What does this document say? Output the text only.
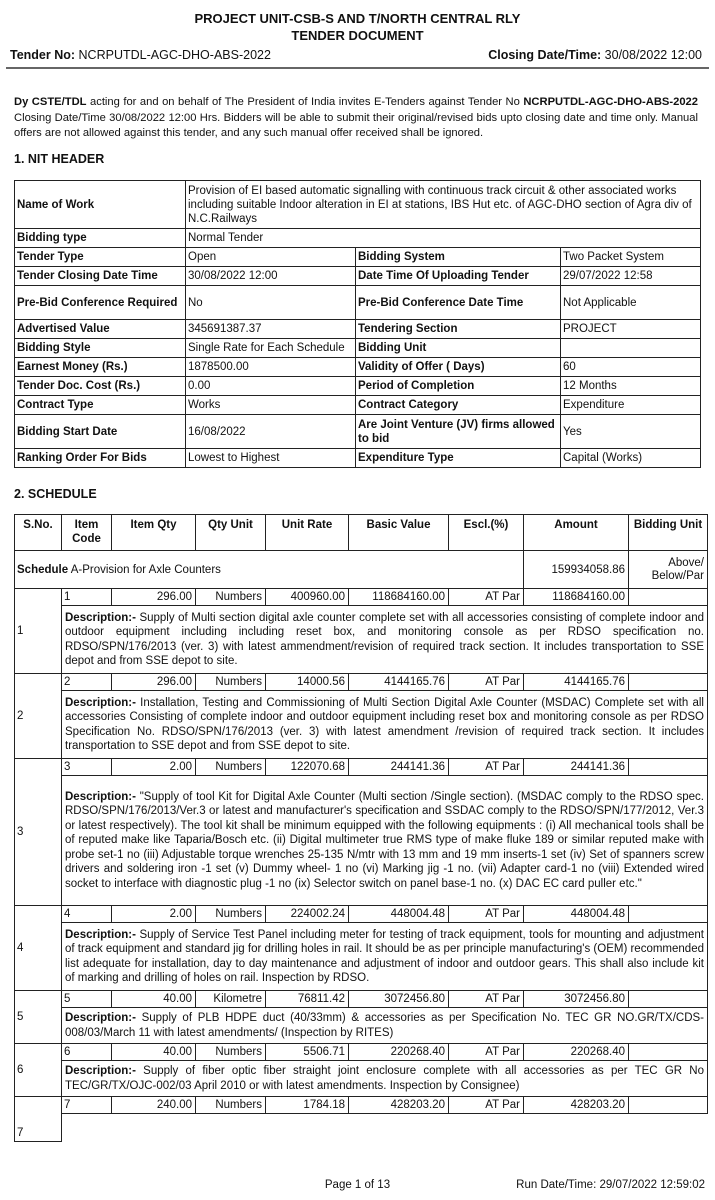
PROJECT UNIT-CSB-S AND T/NORTH CENTRAL RLY
TENDER DOCUMENT
Tender No: NCRPUTDL-AGC-DHO-ABS-2022	Closing Date/Time: 30/08/2022 12:00
Dy CSTE/TDL acting for and on behalf of The President of India invites E-Tenders against Tender No NCRPUTDL-AGC-DHO-ABS-2022 Closing Date/Time 30/08/2022 12:00 Hrs. Bidders will be able to submit their original/revised bids upto closing date and time only. Manual offers are not allowed against this tender, and any such manual offer received shall be ignored.
1. NIT HEADER
Name of Work	Provision of EI based automatic signalling with continuous track circuit & other associated works including suitable Indoor alteration in EI at stations, IBS Hut etc. of AGC-DHO section of Agra div of N.C.Railways		
Bidding type	Normal Tender		
Tender Type	Open	Bidding System	Two Packet System
Tender Closing Date Time	30/08/2022 12:00	Date Time Of Uploading Tender	29/07/2022 12:58
Pre-Bid Conference Required	No	Pre-Bid Conference Date Time	Not Applicable
Advertised Value	345691387.37	Tendering Section	PROJECT
Bidding Style	Single Rate for Each Schedule	Bidding Unit	
Earnest Money (Rs.)	1878500.00	Validity of Offer ( Days)	60
Tender Doc. Cost (Rs.)	0.00	Period of Completion	12 Months
Contract Type	Works	Contract Category	Expenditure
Bidding Start Date	16/08/2022	Are Joint Venture (JV) firms allowed to bid	Yes
Ranking Order For Bids	Lowest to Highest	Expenditure Type	Capital (Works)
2. SCHEDULE
S.No.	Item Code	Item Qty	Qty Unit	Unit Rate	Basic Value	Escl.(%)	Amount	Bidding Unit
Schedule A-Provision for Axle Counters							159934058.86	Above/ Below/Par
1	1	296.00	Numbers	400960.00	118684160.00	AT Par	118684160.00	
	Description:- Supply of Multi section digital axle counter complete set with all accessories consisting of complete indoor and outdoor equipment including including reset box, and monitoring console as per RDSO specification no. RDSO/SPN/176/2013 (ver. 3) with latest ammendment/revision of required track section. It includes transportation to SSE depot and from SSE depot to site.							
2	2	296.00	Numbers	14000.56	4144165.76	AT Par	4144165.76	
	Description:- Installation, Testing and Commissioning of Multi Section Digital Axle Counter (MSDAC) Complete set with all accessories Consisting of complete indoor and outdoor equipment including reset box and monitoring console as per RDSO Specification No. RDSO/SPN/176/2013 (ver. 3) with latest amendment /revision of required track section. It includes transportation to SSE depot and from SSE depot to site.							
3	3	2.00	Numbers	122070.68	244141.36	AT Par	244141.36	
	Description:- "Supply of tool Kit for Digital Axle Counter (Multi section /Single section). (MSDAC comply to the RDSO spec. RDSO/SPN/176/2013/Ver.3 or latest and manufacturer's specification and SSDAC comply to the RDSO/SPN/177/2012, Ver.3 or latest respectively). The tool kit shall be minimum equipped with the following equipments : (i) All mechanical tools shall be of reputed make like Taparia/Bosch etc. (ii) Digital multimeter true RMS type of make fluke 189 or similar reputed make with probe set-1 no (iii) Adjustable torque wrenches 25-135 N/mtr with 13 mm and 19 mm inserts-1 set (iv) Set of spanners screw drivers and soldering iron -1 set (v) Dummy wheel- 1 no (vi) Marking jig -1 no. (vii) Adapter card-1 no (viii) Extended wired socket to interface with diagnostic plug -1 no (ix) Selector switch on panel base-1 no. (x) DAC EC card puller etc."							
4	4	2.00	Numbers	224002.24	448004.48	AT Par	448004.48	
	Description:- Supply of Service Test Panel including meter for testing of track equipment, tools for mounting and adjustment of track equipment and standard jig for drilling holes in rail. It should be as per principle manufacturing's (OEM) recommended list adequate for installation, day to day maintenance and adjustment of indoor and outdoor gears. This shall also include kit of marking and drilling of holes on rail. Inspection by RDSO.							
5	5	40.00	Kilometre	76811.42	3072456.80	AT Par	3072456.80	
	Description:- Supply of PLB HDPE duct (40/33mm) & accessories as per Specification No. TEC GR NO.GR/TX/CDS-008/03/March 11 with latest amendments/ (Inspection by RITES)							
6	6	40.00	Numbers	5506.71	220268.40	AT Par	220268.40	
	Description:- Supply of fiber optic fiber straight joint enclosure complete with all accessories as per TEC GR No TEC/GR/TX/OJC-002/03 April 2010 or with latest amendments. Inspection by Consignee)							
7	7	240.00	Numbers	1784.18	428203.20	AT Par	428203.20	

Page 1 of 13	Run Date/Time: 29/07/2022 12:59:02
